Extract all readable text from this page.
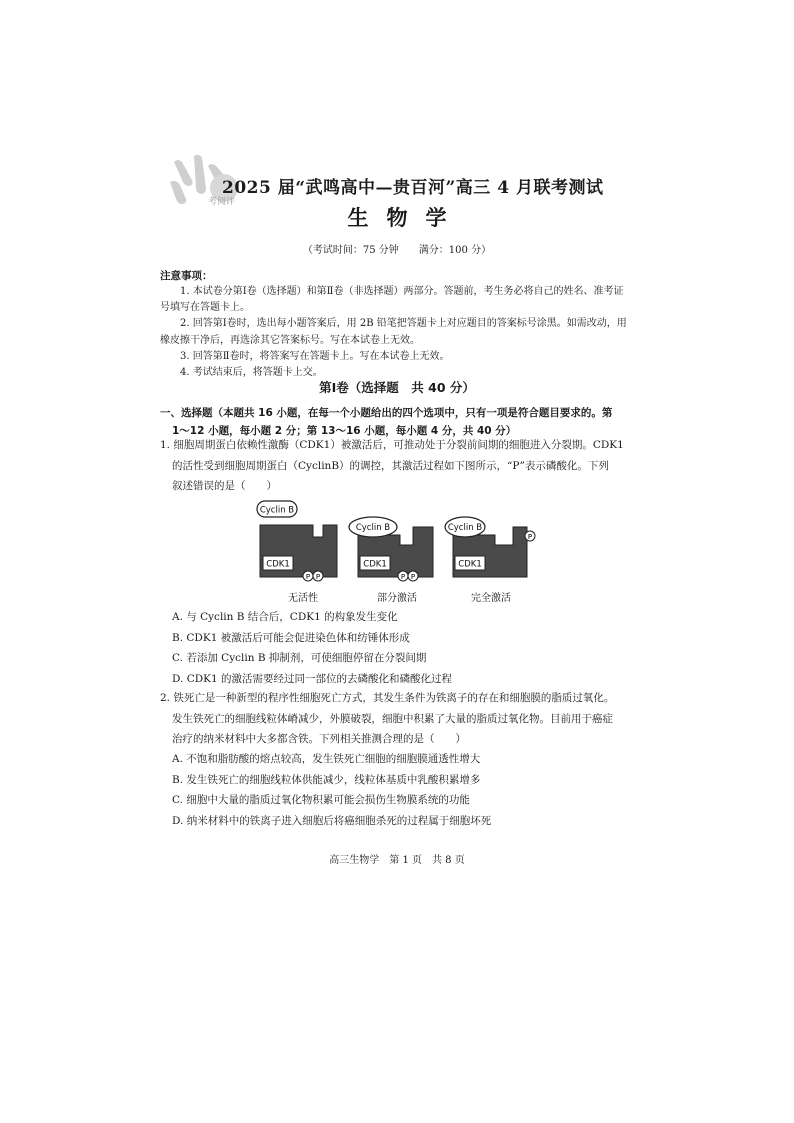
考阅评
2025 届“武鸣高中—贵百河”高三 4 月联考测试
生物学
（考试时间：75 分钟　　满分：100 分）
注意事项：

1. 本试卷分第Ⅰ卷（选择题）和第Ⅱ卷（非选择题）两部分。答题前，考生务必将自己的姓名、准考证号填写在答题卡上。

2. 回答第Ⅰ卷时，选出每小题答案后，用 2B 铅笔把答题卡上对应题目的答案标号涂黑。如需改动，用橡皮擦干净后，再选涂其它答案标号。写在本试卷上无效。

3. 回答第Ⅱ卷时，将答案写在答题卡上。写在本试卷上无效。

4. 考试结束后，将答题卡上交。

第Ⅰ卷（选择题　共 40 分）
一、选择题（本题共 16 小题，在每一个小题给出的四个选项中，只有一项是符合题目要求的。第
1～12 小题，每小题 2 分；第 13～16 小题，每小题 4 分，共 40 分）

1. 细胞周期蛋白依赖性激酶（CDK1）被激活后，可推动处于分裂前间期的细胞进入分裂期。CDK1

的活性受到细胞周期蛋白（CyclinB）的调控，其激活过程如下图所示，“P”表示磷酸化。下列

叙述错误的是（　　）

Cyclin B
CDK1
P P
无活性
Cyclin B
CDK1
P P
部分激活
Cyclin B
CDK1
P
完全激活
A. 与 Cyclin B 结合后，CDK1 的构象发生变化
B. CDK1 被激活后可能会促进染色体和纺锤体形成
C. 若添加 Cyclin B 抑制剂，可使细胞停留在分裂间期
D. CDK1 的激活需要经过同一部位的去磷酸化和磷酸化过程

2. 铁死亡是一种新型的程序性细胞死亡方式，其发生条件为铁离子的存在和细胞膜的脂质过氧化。

发生铁死亡的细胞线粒体嵴减少，外膜破裂，细胞中积累了大量的脂质过氧化物。目前用于癌症

治疗的纳米材料中大多都含铁。下列相关推测合理的是（　　）

A. 不饱和脂肪酸的熔点较高，发生铁死亡细胞的细胞膜通透性增大
B. 发生铁死亡的细胞线粒体供能减少，线粒体基质中乳酸积累增多
C. 细胞中大量的脂质过氧化物积累可能会损伤生物膜系统的功能
D. 纳米材料中的铁离子进入细胞后将癌细胞杀死的过程属于细胞坏死
高三生物学　第 1 页　共 8 页
